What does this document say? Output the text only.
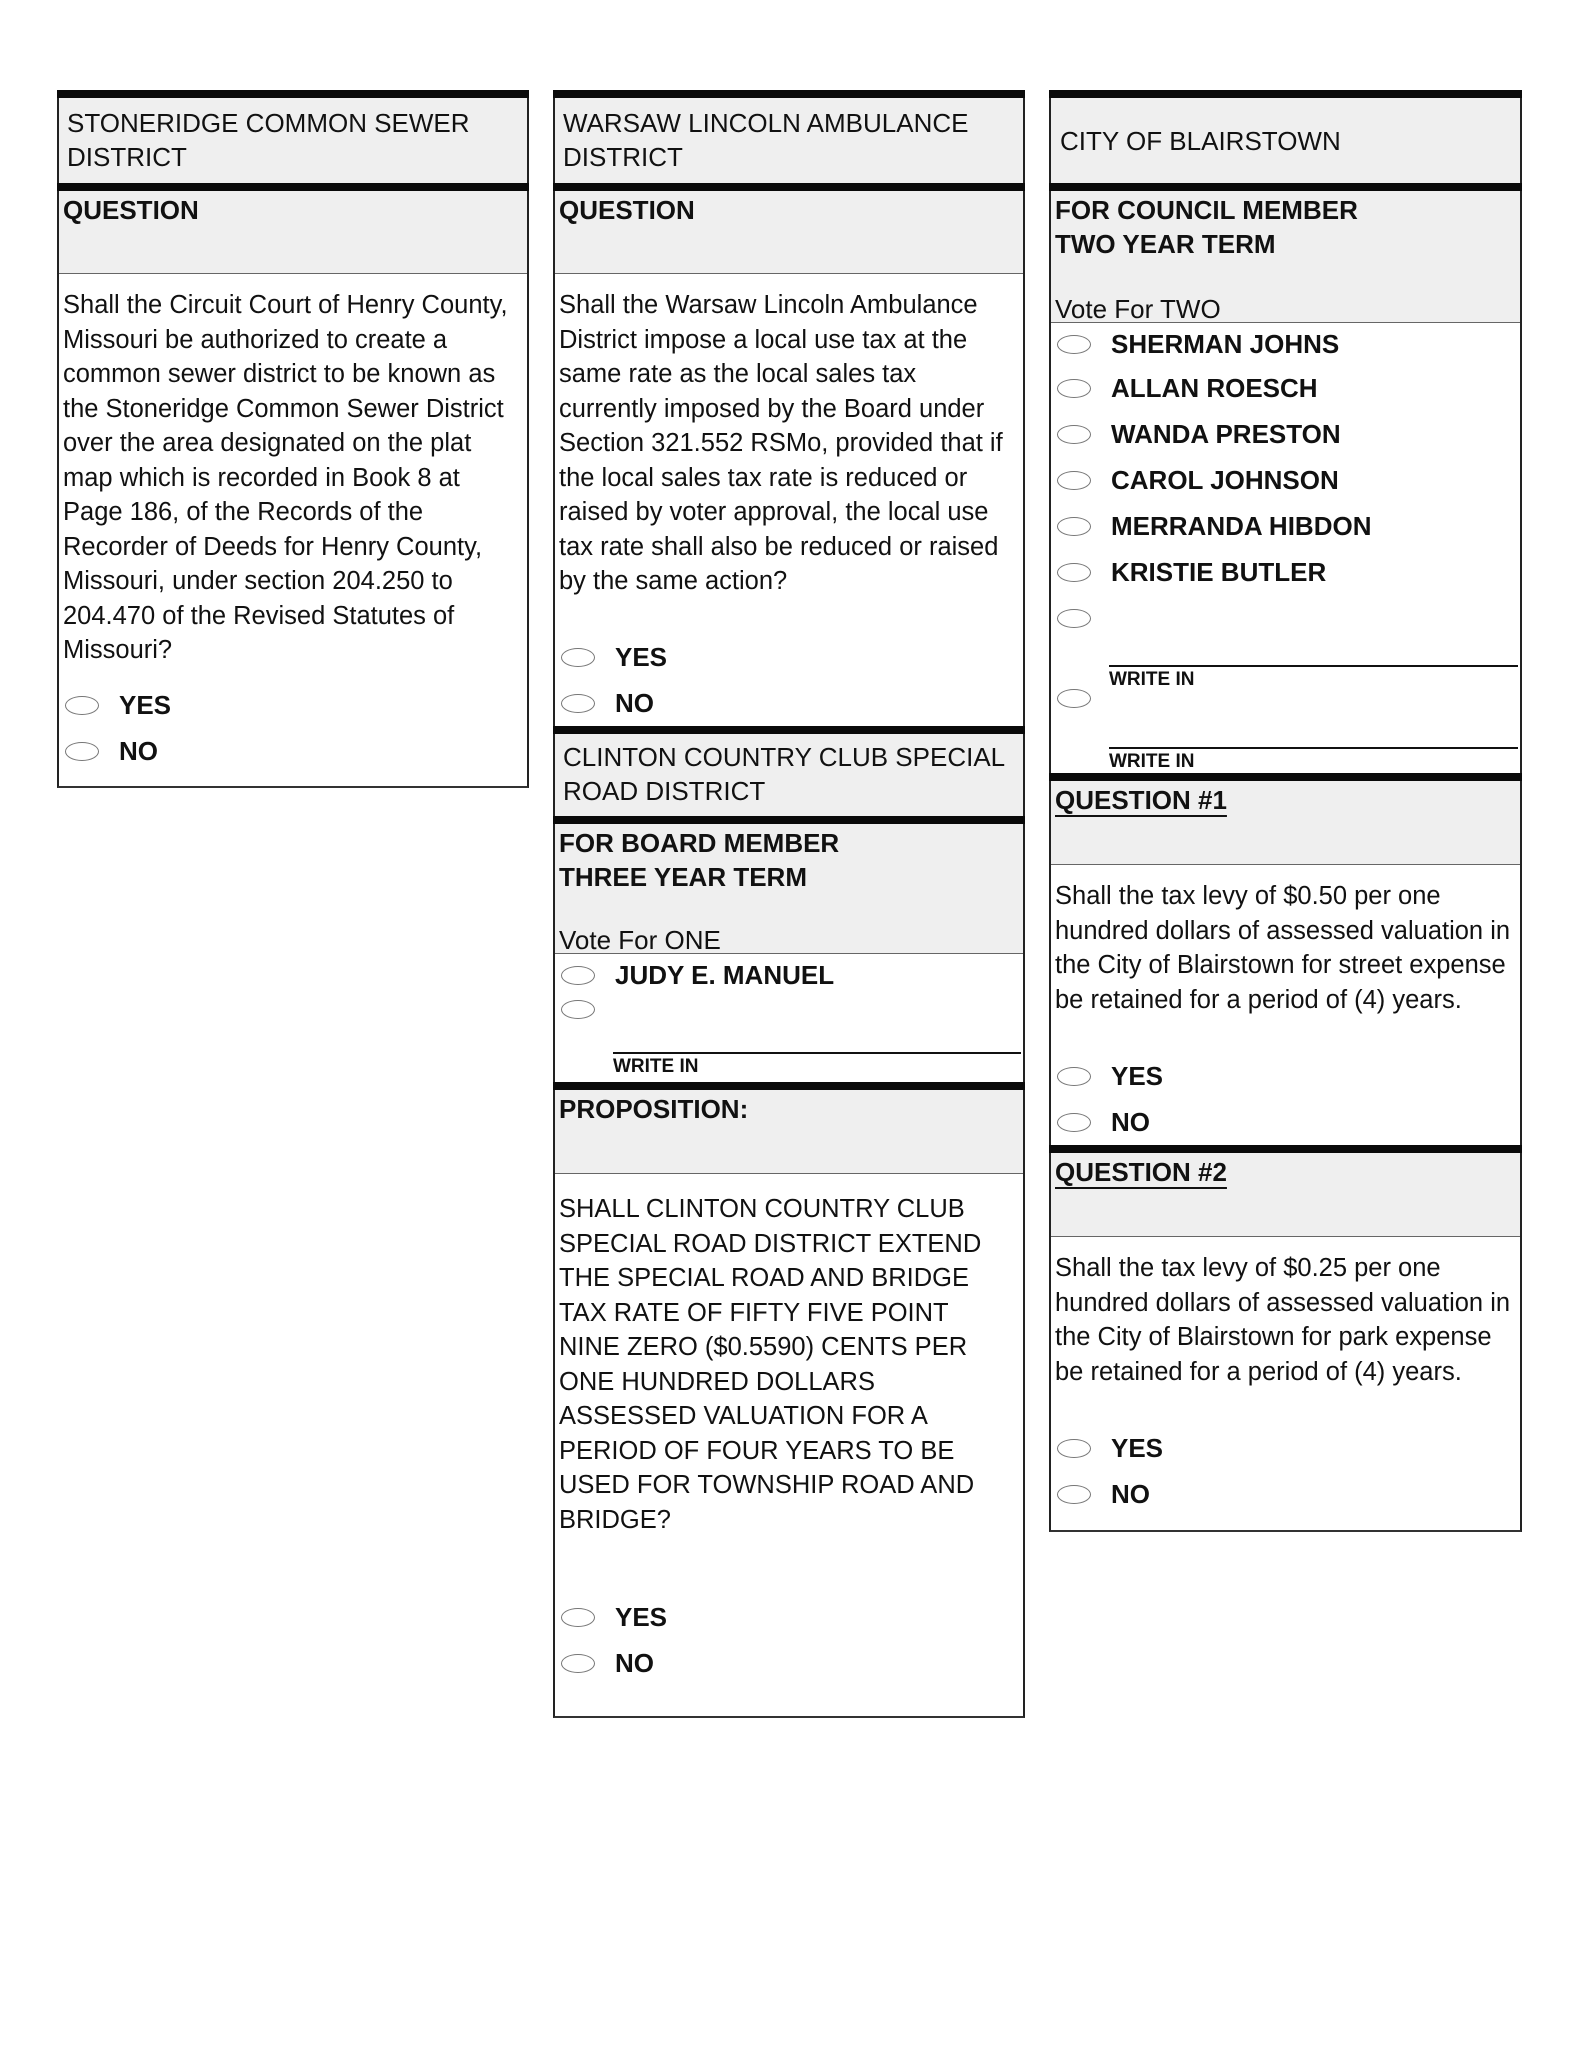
STONERIDGE COMMON SEWER
DISTRICT
QUESTION
Shall the Circuit Court of Henry County,
Missouri be authorized to create a
common sewer district to be known as
the Stoneridge Common Sewer District
over the area designated on the plat
map which is recorded in Book 8 at
Page 186, of the Records of the
Recorder of Deeds for Henry County,
Missouri, under section 204.250 to
204.470 of the Revised Statutes of
Missouri?
YES
NO
WARSAW LINCOLN AMBULANCE
DISTRICT
QUESTION
Shall the Warsaw Lincoln Ambulance
District impose a local use tax at the
same rate as the local sales tax
currently imposed by the Board under
Section 321.552 RSMo, provided that if
the local sales tax rate is reduced or
raised by voter approval, the local use
tax rate shall also be reduced or raised
by the same action?
YES
NO
CLINTON COUNTRY CLUB SPECIAL
ROAD DISTRICT
FOR BOARD MEMBER
THREE YEAR TERM
Vote For ONE
JUDY E. MANUEL
WRITE IN
PROPOSITION:
SHALL CLINTON COUNTRY CLUB
SPECIAL ROAD DISTRICT EXTEND
THE SPECIAL ROAD AND BRIDGE
TAX RATE OF FIFTY FIVE POINT
NINE ZERO ($0.5590) CENTS PER
ONE HUNDRED DOLLARS
ASSESSED VALUATION FOR A
PERIOD OF FOUR YEARS TO BE
USED FOR TOWNSHIP ROAD AND
BRIDGE?
YES
NO
CITY OF BLAIRSTOWN
FOR COUNCIL MEMBER
TWO YEAR TERM
Vote For TWO
SHERMAN JOHNS
ALLAN ROESCH
WANDA PRESTON
CAROL JOHNSON
MERRANDA HIBDON
KRISTIE BUTLER
WRITE IN
WRITE IN
QUESTION #1
Shall the tax levy of $0.50 per one
hundred dollars of assessed valuation in
the City of Blairstown for street expense
be retained for a period of (4) years.
YES
NO
QUESTION #2
Shall the tax levy of $0.25 per one
hundred dollars of assessed valuation in
the City of Blairstown for park expense
be retained for a period of (4) years.
YES
NO
